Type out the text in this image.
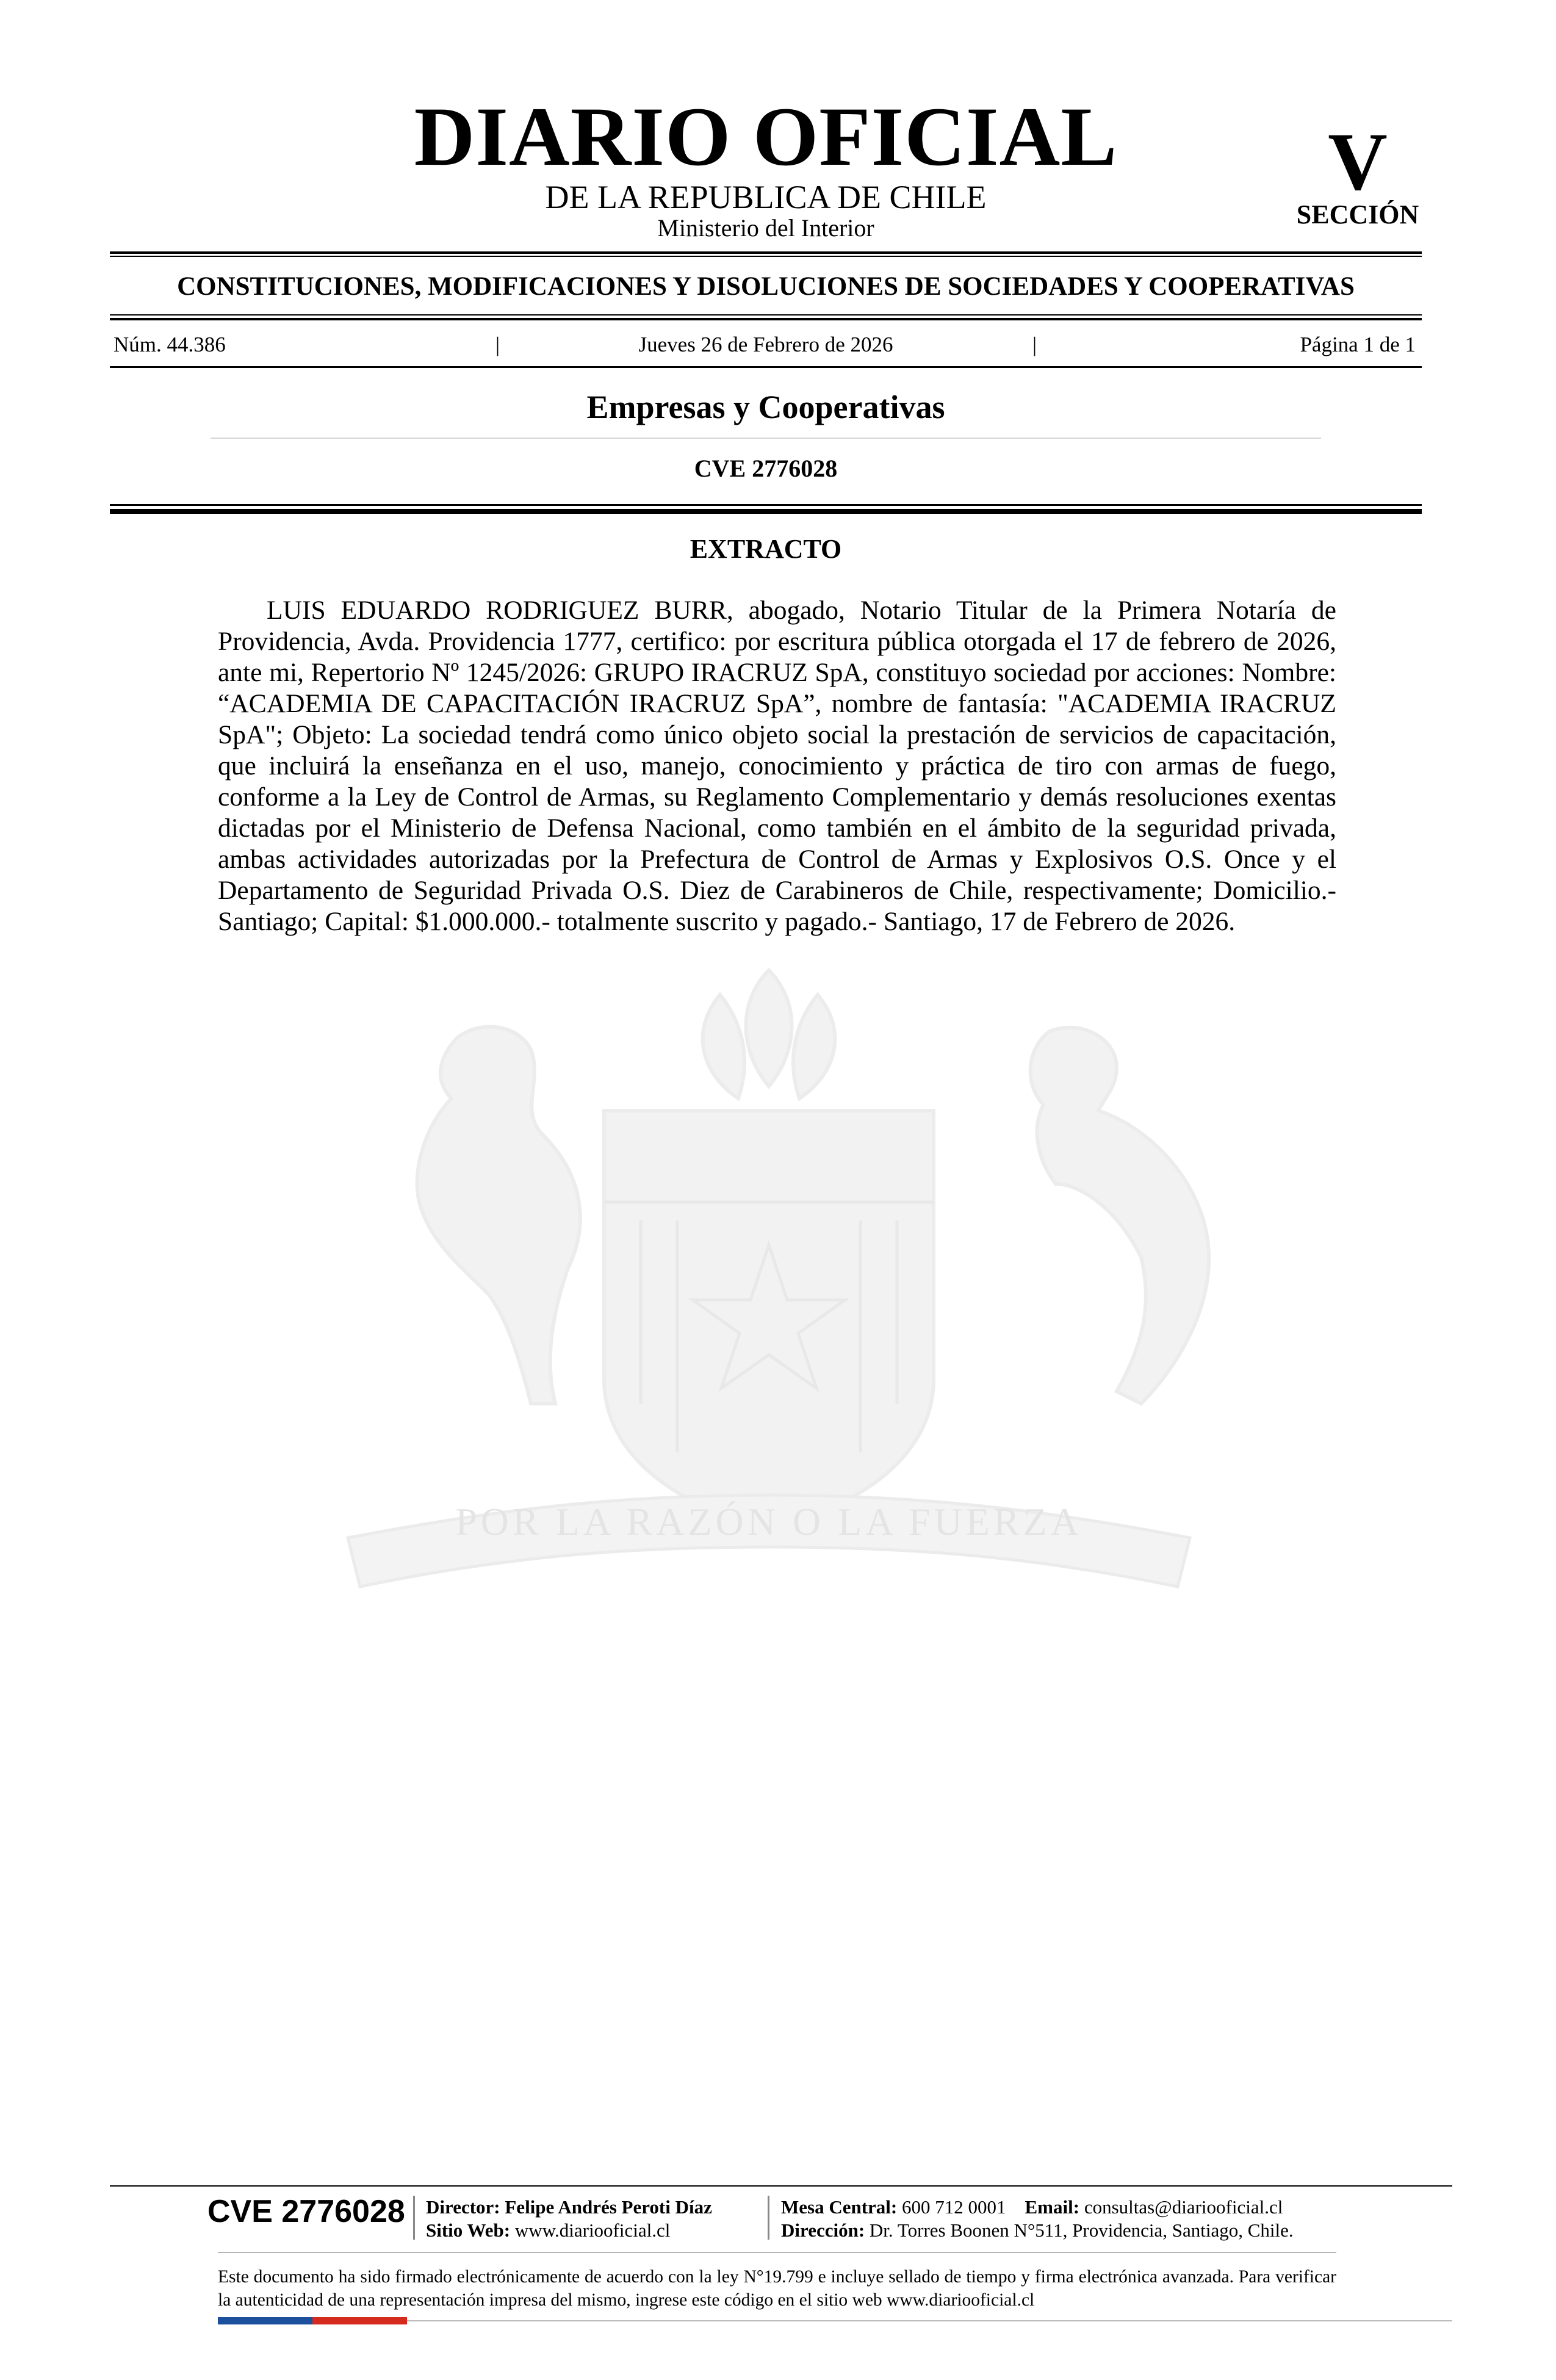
DIARIO OFICIAL
DE LA REPUBLICA DE CHILE
Ministerio del Interior
V
SECCIÓN
CONSTITUCIONES, MODIFICACIONES Y DISOLUCIONES DE SOCIEDADES Y COOPERATIVAS
Núm. 44.386	|	Jueves 26 de Febrero de 2026	|	Página 1 de 1
Empresas y Cooperativas
CVE 2776028
POR LA RAZÓN O LA FUERZA
EXTRACTO

LUIS EDUARDO RODRIGUEZ BURR, abogado, Notario Titular de la Primera Notaría de Providencia, Avda. Providencia 1777, certifico: por escritura pública otorgada el 17 de febrero de 2026, ante mi, Repertorio Nº 1245/2026: GRUPO IRACRUZ SpA, constituyo sociedad por acciones: Nombre: “ACADEMIA DE CAPACITACIÓN IRACRUZ SpA”, nombre de fantasía: "ACADEMIA IRACRUZ SpA"; Objeto: La sociedad tendrá como único objeto social la prestación de servicios de capacitación, que incluirá la enseñanza en el uso, manejo, conocimiento y práctica de tiro con armas de fuego, conforme a la Ley de Control de Armas, su Reglamento Complementario y demás resoluciones exentas dictadas por el Ministerio de Defensa Nacional, como también en el ámbito de la seguridad privada, ambas actividades autorizadas por la Prefectura de Control de Armas y Explosivos O.S. Once y el Departamento de Seguridad Privada O.S. Diez de Carabineros de Chile, respectivamente; Domicilio.- Santiago; Capital: $1.000.000.- totalmente suscrito y pagado.- Santiago, 17 de Febrero de 2026.

CVE 2776028 Director: Felipe Andrés Peroti Díaz
Sitio Web: www.diariooficial.cl
Mesa Central: 600 712 0001 Email: consultas@diariooficial.cl
Dirección: Dr. Torres Boonen N°511, Providencia, Santiago, Chile.

Este documento ha sido firmado electrónicamente de acuerdo con la ley N°19.799 e incluye sellado de tiempo y firma electrónica avanzada. Para verificar la autenticidad de una representación impresa del mismo, ingrese este código en el sitio web www.diariooficial.cl
